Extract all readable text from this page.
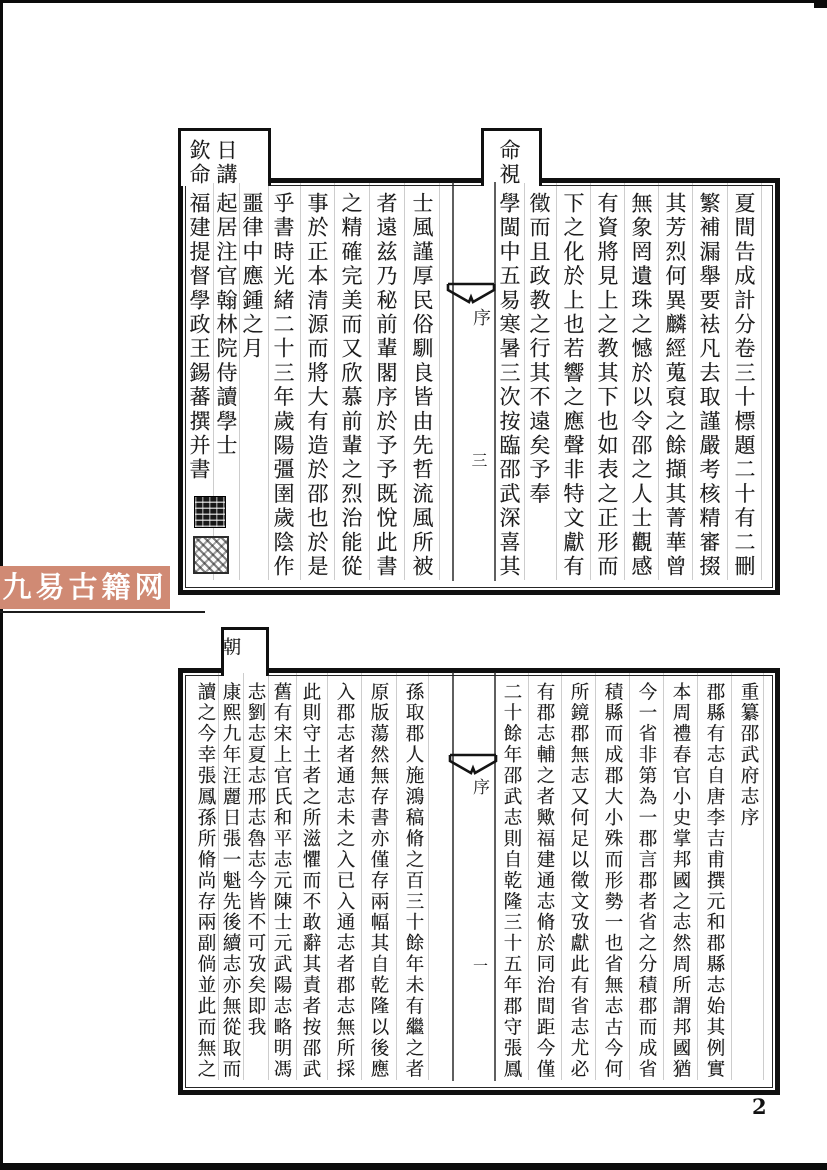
九易古籍网
2
序
三
序
一
夏間告成計分卷三十標題二十有二刪
繁補漏舉要袪凡去取謹嚴考核精審掇
其芳烈何異麟經蒐裒之餘擷其菁華曾
無象罔遺珠之憾於以令邵之人士觀感
有資將見上之教其下也如表之正形而
下之化於上也若響之應聲非特文獻有
徵而且政教之行其不遠矣予奉
命視
學閩中五易寒暑三次按臨邵武深喜其
士風謹厚民俗馴良皆由先哲流風所被
者遠兹乃秘前輩閣序於予予既悅此書
之精確完美而又欣慕前輩之烈治能從
事於正本清源而將大有造於邵也於是
乎書時光緒二十三年歲陽彊圉歲陰作
噩律中應鍾之月
日講
起居注官翰林院侍讀學士
欽命
福建提督學政王錫蕃撰并書
重纂邵武府志序
郡縣有志自唐李吉甫撰元和郡縣志始其例實
本周禮春官小史掌邦國之志然周所謂邦國猶
今一省非第為一郡言郡者省之分積郡而成省
積縣而成郡大小殊而形勢一也省無志古今何
所鏡郡無志又何足以徵文攷獻此有省志尤必
有郡志輔之者歟福建通志脩於同治間距今僅
二十餘年邵武志則自乾隆三十五年郡守張鳳
孫取郡人施鴻稿脩之百三十餘年未有繼之者
原版蕩然無存書亦僅存兩幅其自乾隆以後應
入郡志者通志未之入已入通志者郡志無所採
此則守土者之所滋懼而不敢辭其責者按邵武
舊有宋上官氏和平志元陳士元武陽志略明馮
志劉志夏志邢志魯志今皆不可攷矣即我
朝
康熙九年汪麗日張一魁先後續志亦無從取而
讀之今幸張鳳孫所脩尚存兩副倘並此而無之
